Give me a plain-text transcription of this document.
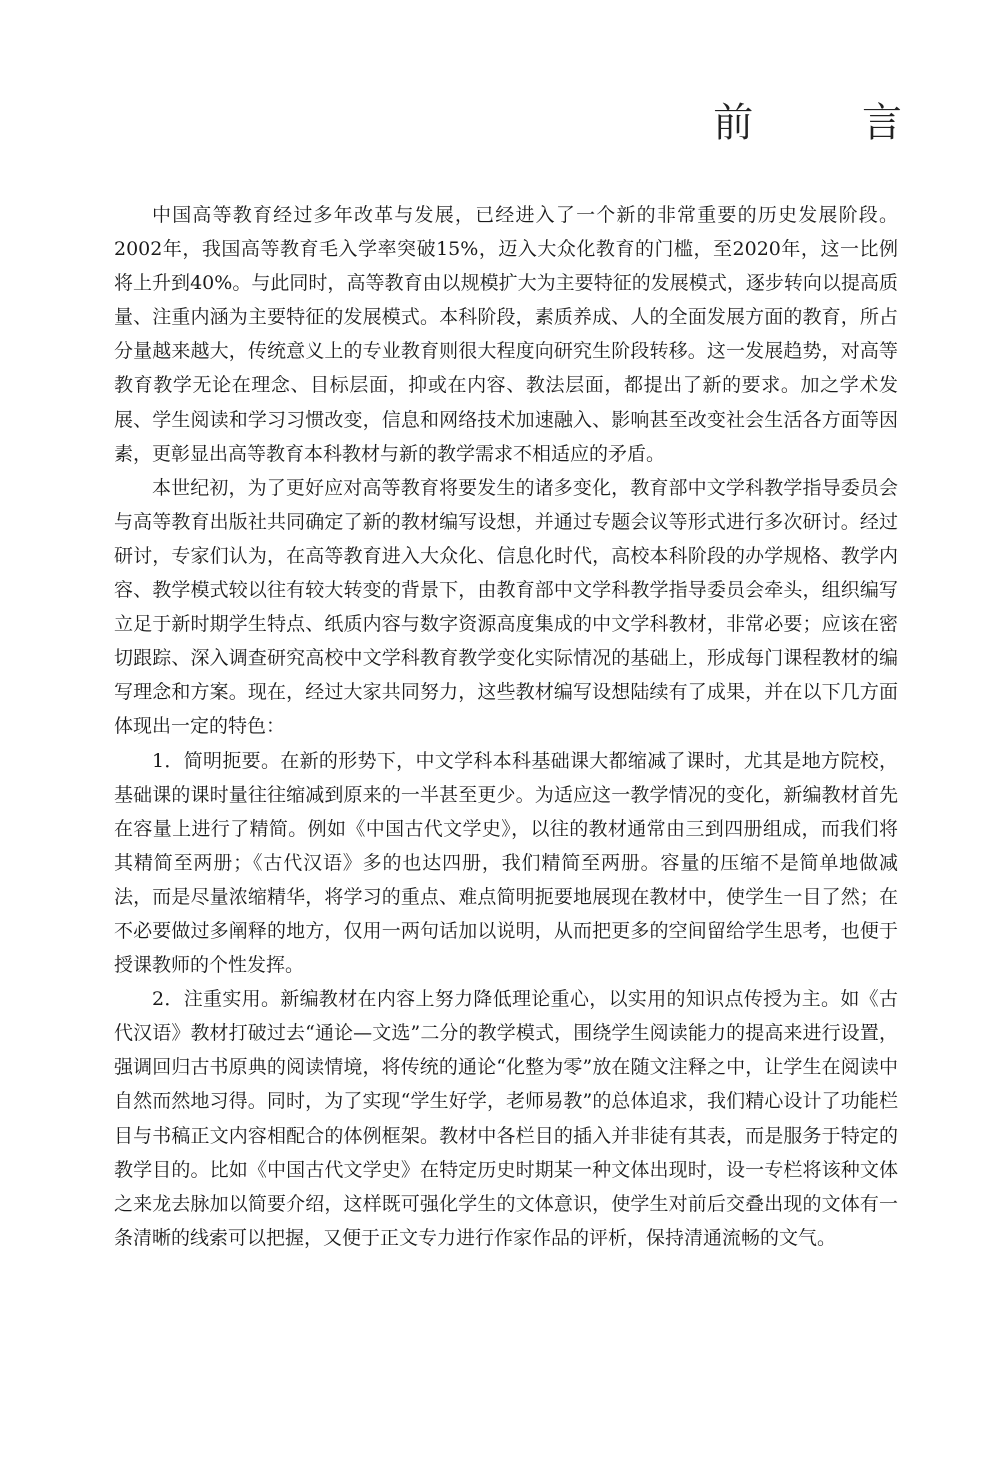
前 言

中国高等教育经过多年改革与发展，已经进入了一个新的非常重要的历史发展阶段。2002年，我国高等教育毛入学率突破15%，迈入大众化教育的门槛，至2020年，这一比例将上升到40%。与此同时，高等教育由以规模扩大为主要特征的发展模式，逐步转向以提高质量、注重内涵为主要特征的发展模式。本科阶段，素质养成、人的全面发展方面的教育，所占分量越来越大，传统意义上的专业教育则很大程度向研究生阶段转移。这一发展趋势，对高等教育教学无论在理念、目标层面，抑或在内容、教法层面，都提出了新的要求。加之学术发展、学生阅读和学习习惯改变，信息和网络技术加速融入、影响甚至改变社会生活各方面等因素，更彰显出高等教育本科教材与新的教学需求不相适应的矛盾。

本世纪初，为了更好应对高等教育将要发生的诸多变化，教育部中文学科教学指导委员会与高等教育出版社共同确定了新的教材编写设想，并通过专题会议等形式进行多次研讨。经过研讨，专家们认为，在高等教育进入大众化、信息化时代，高校本科阶段的办学规格、教学内容、教学模式较以往有较大转变的背景下，由教育部中文学科教学指导委员会牵头，组织编写立足于新时期学生特点、纸质内容与数字资源高度集成的中文学科教材，非常必要；应该在密切跟踪、深入调查研究高校中文学科教育教学变化实际情况的基础上，形成每门课程教材的编写理念和方案。现在，经过大家共同努力，这些教材编写设想陆续有了成果，并在以下几方面体现出一定的特色：

1．简明扼要。在新的形势下，中文学科本科基础课大都缩减了课时，尤其是地方院校，基础课的课时量往往缩减到原来的一半甚至更少。为适应这一教学情况的变化，新编教材首先在容量上进行了精简。例如《中国古代文学史》，以往的教材通常由三到四册组成，而我们将其精简至两册；《古代汉语》多的也达四册，我们精简至两册。容量的压缩不是简单地做减法，而是尽量浓缩精华，将学习的重点、难点简明扼要地展现在教材中，使学生一目了然；在不必要做过多阐释的地方，仅用一两句话加以说明，从而把更多的空间留给学生思考，也便于授课教师的个性发挥。

2．注重实用。新编教材在内容上努力降低理论重心，以实用的知识点传授为主。如《古代汉语》教材打破过去“通论—文选”二分的教学模式，围绕学生阅读能力的提高来进行设置，强调回归古书原典的阅读情境，将传统的通论“化整为零”放在随文注释之中，让学生在阅读中自然而然地习得。同时，为了实现“学生好学，老师易教”的总体追求，我们精心设计了功能栏目与书稿正文内容相配合的体例框架。教材中各栏目的插入并非徒有其表，而是服务于特定的教学目的。比如《中国古代文学史》在特定历史时期某一种文体出现时，设一专栏将该种文体之来龙去脉加以简要介绍，这样既可强化学生的文体意识，使学生对前后交叠出现的文体有一条清晰的线索可以把握，又便于正文专力进行作家作品的评析，保持清通流畅的文气。
